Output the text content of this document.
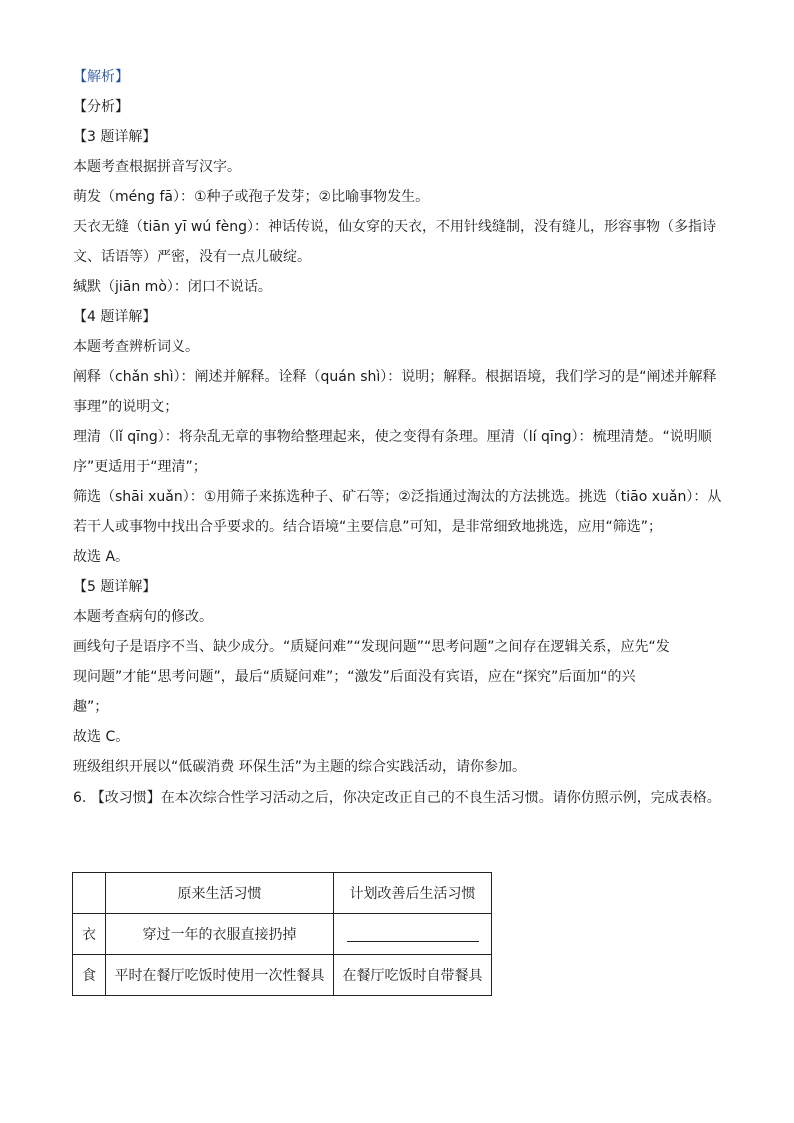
【解析】
【分析】
【3 题详解】
本题考查根据拼音写汉字。
萌发（méng fā）：①种子或孢子发芽；②比喻事物发生。
天衣无缝（tiān yī wú fèng）：神话传说，仙女穿的天衣，不用针线缝制，没有缝儿，形容事物（多指诗
文、话语等）严密，没有一点儿破绽。
缄默（jiān mò）：闭口不说话。
【4 题详解】
本题考查辨析词义。
阐释（chǎn shì）：阐述并解释。诠释（quán shì）：说明；解释。根据语境，我们学习的是“阐述并解释
事理”的说明文；
理清（lǐ qīng）：将杂乱无章的事物给整理起来，使之变得有条理。厘清（lí qīng）：梳理清楚。“说明顺
序”更适用于“理清”；
筛选（shāi xuǎn）：①用筛子来拣选种子、矿石等；②泛指通过淘汰的方法挑选。挑选（tiāo xuǎn）：从
若干人或事物中找出合乎要求的。结合语境“主要信息”可知，是非常细致地挑选，应用“筛选”；
故选 A。
【5 题详解】
本题考查病句的修改。
画线句子是语序不当、缺少成分。“质疑问难”“发现问题”“思考问题”之间存在逻辑关系，应先“发
现问题”才能“思考问题”，最后“质疑问难”；“激发”后面没有宾语，应在“探究”后面加“的兴
趣”；
故选 C。
班级组织开展以“低碳消费 环保生活”为主题的综合实践活动，请你参加。
6. 【改习惯】在本次综合性学习活动之后，你决定改正自己的不良生活习惯。请你仿照示例，完成表格。
	原来生活习惯	计划改善后生活习惯
衣	穿过一年的衣服直接扔掉	
食	平时在餐厅吃饭时使用一次性餐具	在餐厅吃饭时自带餐具
